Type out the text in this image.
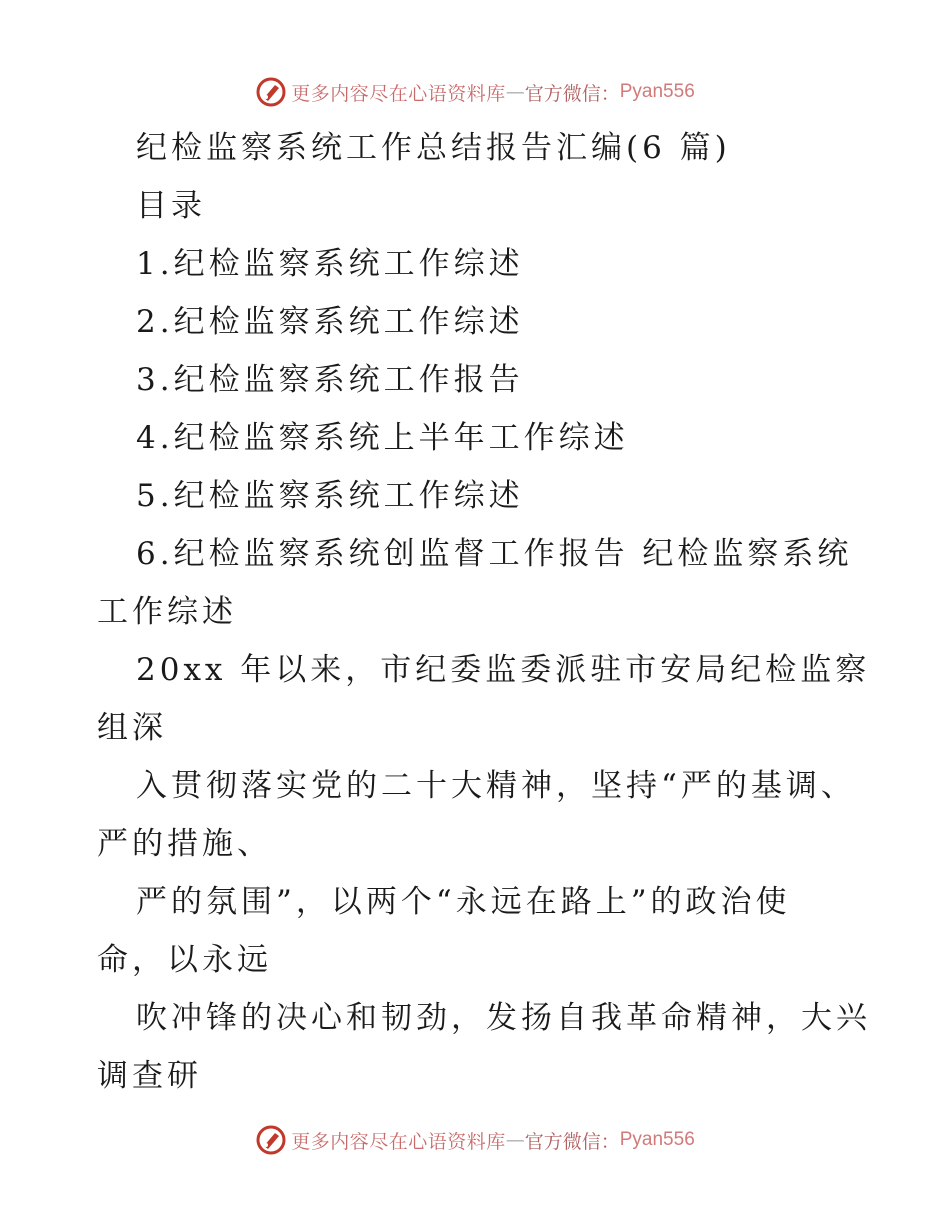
更多内容尽在心语资料库 — 官方微信： Pyan556
纪检监察系统工作总结报告汇编(6 篇)
目录
1.纪检监察系统工作综述
2.纪检监察系统工作综述
3.纪检监察系统工作报告
4.纪检监察系统上半年工作综述
5.纪检监察系统工作综述
6.纪检监察系统创监督工作报告 纪检监察系统
工作综述
20xx 年以来，市纪委监委派驻市安局纪检监察
组深
入贯彻落实党的二十大精神，坚持“严的基调、
严的措施、
严的氛围”，以两个“永远在路上”的政治使
命，以永远
吹冲锋的决心和韧劲，发扬自我革命精神，大兴
调查研
更多内容尽在心语资料库 — 官方微信： Pyan556
